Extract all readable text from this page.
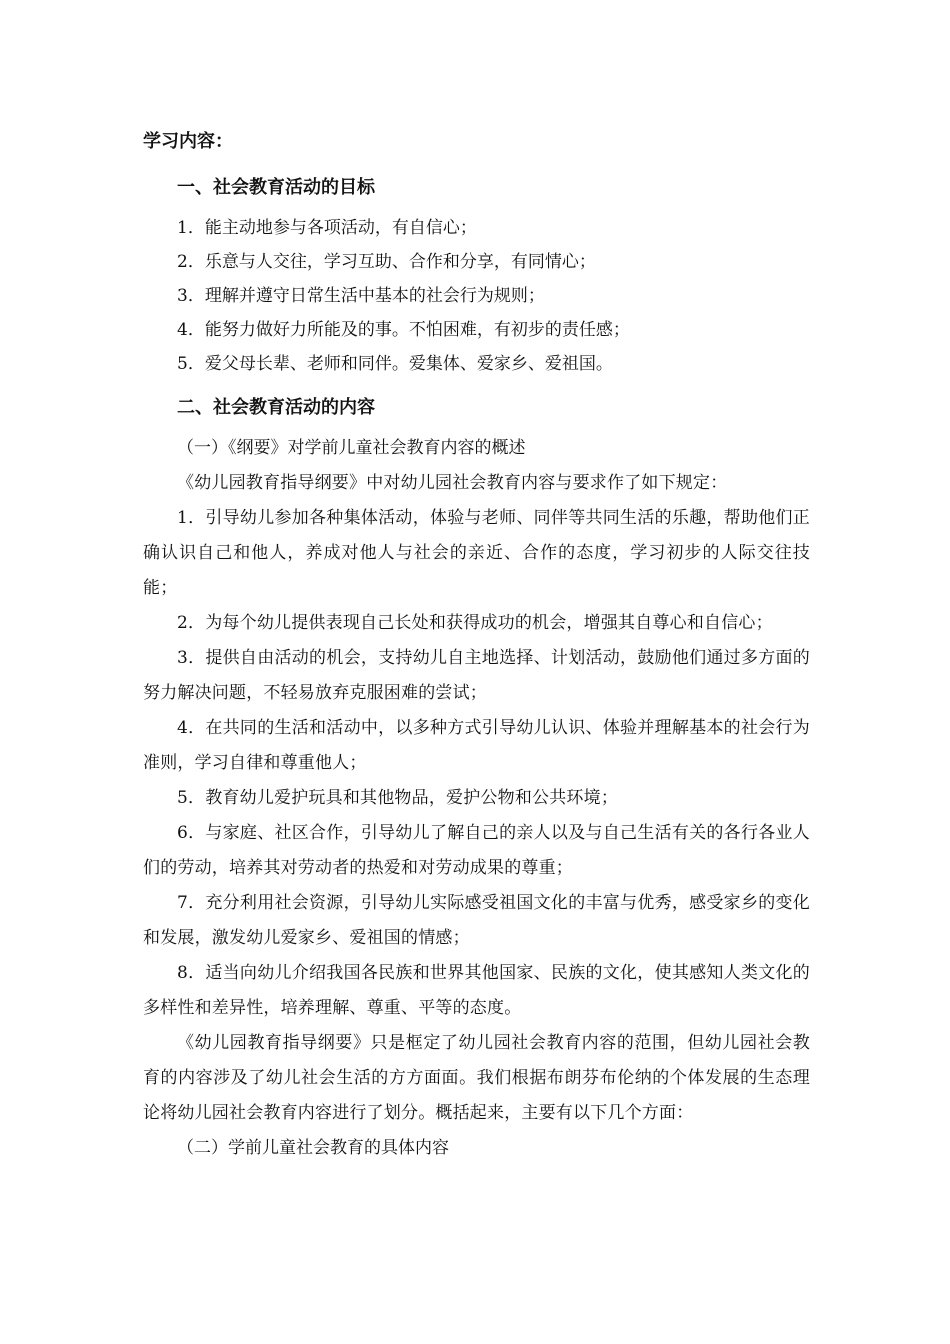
学习内容：
一、社会教育活动的目标
1．能主动地参与各项活动，有自信心；
2．乐意与人交往，学习互助、合作和分享，有同情心；
3．理解并遵守日常生活中基本的社会行为规则；
4．能努力做好力所能及的事。不怕困难，有初步的责任感；
5．爱父母长辈、老师和同伴。爱集体、爱家乡、爱祖国。
二、社会教育活动的内容

（一）《纲要》对学前儿童社会教育内容的概述

《幼儿园教育指导纲要》中对幼儿园社会教育内容与要求作了如下规定：

1．引导幼儿参加各种集体活动，体验与老师、同伴等共同生活的乐趣，帮助他们正确认识自己和他人，养成对他人与社会的亲近、合作的态度，学习初步的人际交往技能；

2．为每个幼儿提供表现自己长处和获得成功的机会，增强其自尊心和自信心；

3．提供自由活动的机会，支持幼儿自主地选择、计划活动，鼓励他们通过多方面的努力解决问题，不轻易放弃克服困难的尝试；

4．在共同的生活和活动中，以多种方式引导幼儿认识、体验并理解基本的社会行为准则，学习自律和尊重他人；

5．教育幼儿爱护玩具和其他物品，爱护公物和公共环境；

6．与家庭、社区合作，引导幼儿了解自己的亲人以及与自己生活有关的各行各业人们的劳动，培养其对劳动者的热爱和对劳动成果的尊重；

7．充分利用社会资源，引导幼儿实际感受祖国文化的丰富与优秀，感受家乡的变化和发展，激发幼儿爱家乡、爱祖国的情感；

8．适当向幼儿介绍我国各民族和世界其他国家、民族的文化，使其感知人类文化的多样性和差异性，培养理解、尊重、平等的态度。

《幼儿园教育指导纲要》只是框定了幼儿园社会教育内容的范围，但幼儿园社会教育的内容涉及了幼儿社会生活的方方面面。我们根据布朗芬布伦纳的个体发展的生态理论将幼儿园社会教育内容进行了划分。概括起来，主要有以下几个方面：

（二）学前儿童社会教育的具体内容
